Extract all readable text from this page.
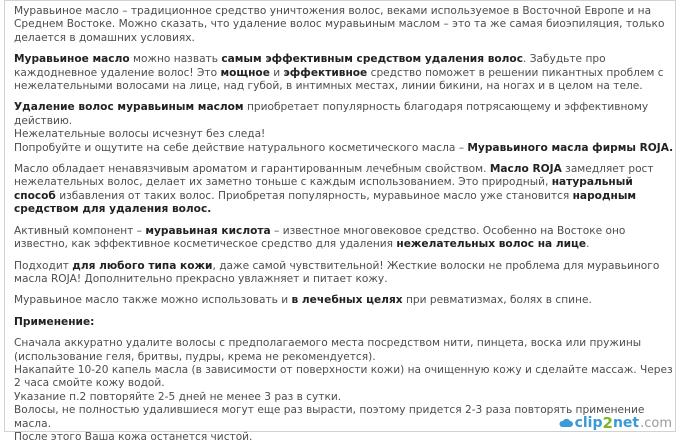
Муравьиное масло – традиционное средство уничтожения волос, веками используемое в Восточной Европе и на Среднем Востоке. Можно сказать, что удаление волос муравьиным маслом – это та же самая биоэпиляция, только делается в домашних условиях.

Муравьиное масло можно назвать самым эффективным средством удаления волос. Забудьте про каждодневное удаление волос! Это мощное и эффективное средство поможет в решении пикантных проблем с нежелательными волосами на лице, над губой, в интимных местах, линии бикини, на ногах и в целом на теле.

Удаление волос муравьиным маслом приобретает популярность благодаря потрясающему и эффективному действию.
Нежелательные волосы исчезнут без следа!
Попробуйте и ощутите на себе действие натурального косметического масла – Муравьиного масла фирмы ROJA.

Масло обладает ненавязчивым ароматом и гарантированным лечебным свойством. Масло ROJA замедляет рост нежелательных волос, делает их заметно тоньше с каждым использованием. Это природный, натуральный способ избавления от таких волос. Приобретая популярность, муравьиное масло уже становится народным средством для удаления волос.

Активный компонент – муравьиная кислота – известное многовековое средство. Особенно на Востоке оно известно, как эффективное косметическое средство для удаления нежелательных волос на лице.

Подходит для любого типа кожи, даже самой чувствительной! Жесткие волоски не проблема для муравьиного масла ROJA! Дополнительно прекрасно увлажняет и питает кожу.

Муравьиное масло также можно использовать и в лечебных целях при ревматизмах, болях в спине.

Применение:

Сначала аккуратно удалите волосы с предполагаемого места посредством нити, пинцета, воска или пружины (использование геля, бритвы, пудры, крема не рекомендуется).
Накапайте 10-20 капель масла (в зависимости от поверхности кожи) на очищенную кожу и сделайте массаж. Через 2 часа смойте кожу водой.
Указание п.2 повторяйте 2-5 дней не менее 3 раз в сутки.
Волосы, не полностью удалившиеся могут еще раз вырасти, поэтому придется 2-3 раза повторять применение масла.
После этого Ваша кожа останется чистой.
clip 2 net .com
